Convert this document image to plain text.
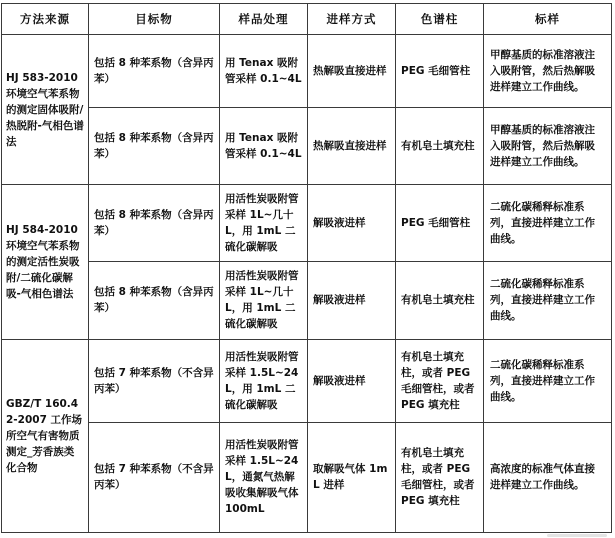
方法来源	目标物	样品处理	进样方式	色谱柱	标样
HJ 583-2010 环境空气苯系物的测定固体吸附/热脱附-气相色谱法	包括 8 种苯系物（含异丙苯）	用 Tenax 吸附管采样 0.1~4L	热解吸直接进样	PEG 毛细管柱	甲醇基质的标准溶液注入吸附管，然后热解吸进样建立工作曲线。
	包括 8 种苯系物（含异丙苯）	用 Tenax 吸附管采样 0.1~4L	热解吸直接进样	有机皂土填充柱	甲醇基质的标准溶液注入吸附管，然后热解吸进样建立工作曲线。
HJ 584-2010 环境空气苯系物的测定活性炭吸附/二硫化碳解吸-气相色谱法	包括 8 种苯系物（含异丙苯）	用活性炭吸附管采样 1L~几十 L，用 1mL 二硫化碳解吸	解吸液进样	PEG 毛细管柱	二硫化碳稀释标准系列，直接进样建立工作曲线。
	包括 8 种苯系物（含异丙苯）	用活性炭吸附管采样 1L~几十 L，用 1mL 二硫化碳解吸	解吸液进样	有机皂土填充柱	二硫化碳稀释标准系列，直接进样建立工作曲线。
GBZ/T 160.42-2007 工作场所空气有害物质测定_芳香族类化合物	包括 7 种苯系物（不含异丙苯）	用活性炭吸附管采样 1.5L~24L，用 1mL 二硫化碳解吸	解吸液进样	有机皂土填充柱，或者 PEG 毛细管柱，或者 PEG 填充柱	二硫化碳稀释标准系列，直接进样建立工作曲线。
	包括 7 种苯系物（不含异丙苯）	用活性炭吸附管采样 1.5L~24L，通氮气热解吸收集解吸气体 100mL	取解吸气体 1mL 进样	有机皂土填充柱，或者 PEG 毛细管柱，或者 PEG 填充柱	高浓度的标准气体直接进样建立工作曲线。
